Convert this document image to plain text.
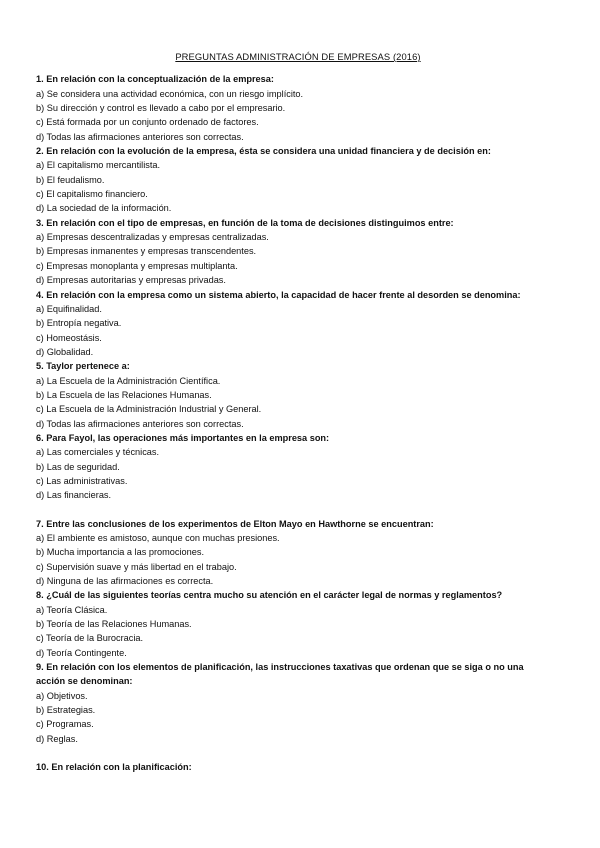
PREGUNTAS ADMINISTRACIÓN DE EMPRESAS (2016)

1. En relación con la conceptualización de la empresa:

a) Se considera una actividad económica, con un riesgo implícito.

b) Su dirección y control es llevado a cabo por el empresario.

c) Está formada por un conjunto ordenado de factores.

d) Todas las afirmaciones anteriores son correctas.

2. En relación con la evolución de la empresa, ésta se considera una unidad financiera y de decisión en:

a) El capitalismo mercantilista.

b) El feudalismo.

c) El capitalismo financiero.

d) La sociedad de la información.

3. En relación con el tipo de empresas, en función de la toma de decisiones distinguimos entre:

a) Empresas descentralizadas y empresas centralizadas.

b) Empresas inmanentes y empresas transcendentes.

c) Empresas monoplanta y empresas multiplanta.

d) Empresas autoritarias y empresas privadas.

4. En relación con la empresa como un sistema abierto, la capacidad de hacer frente al desorden se denomina:

a) Equifinalidad.

b) Entropía negativa.

c) Homeostásis.

d) Globalidad.

5. Taylor pertenece a:

a) La Escuela de la Administración Científica.

b) La Escuela de las Relaciones Humanas.

c) La Escuela de la Administración Industrial y General.

d) Todas las afirmaciones anteriores son correctas.

6. Para Fayol, las operaciones más importantes en la empresa son:

a) Las comerciales y técnicas.

b) Las de seguridad.

c) Las administrativas.

d) Las financieras.

7. Entre las conclusiones de los experimentos de Elton Mayo en Hawthorne se encuentran:

a) El ambiente es amistoso, aunque con muchas presiones.

b) Mucha importancia a las promociones.

c) Supervisión suave y más libertad en el trabajo.

d) Ninguna de las afirmaciones es correcta.

8. ¿Cuál de las siguientes teorías centra mucho su atención en el carácter legal de normas y reglamentos?

a) Teoría Clásica.

b) Teoría de las Relaciones Humanas.

c) Teoría de la Burocracia.

d) Teoría Contingente.

9. En relación con los elementos de planificación, las instrucciones taxativas que ordenan que se siga o no una

acción se denominan:

a) Objetivos.

b) Estrategias.

c) Programas.

d) Reglas.

10. En relación con la planificación:
